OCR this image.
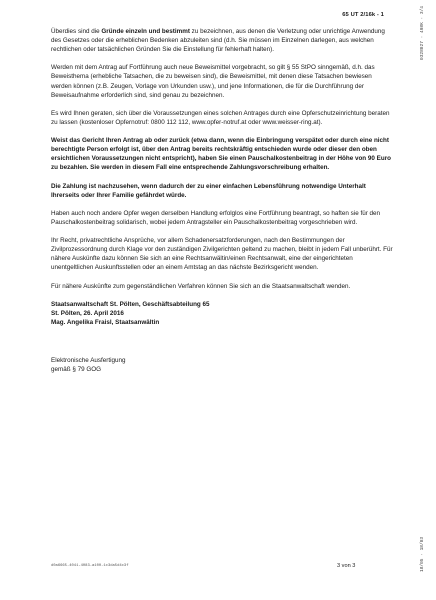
65 UT 2/16k - 1	0328027 · 498K · 3/4
18/05 · 18/03

Überdies sind die Gründe einzeln und bestimmt zu bezeichnen, aus denen die Verletzung oder unrichtige Anwendung des Gesetzes oder die erheblichen Bedenken abzuleiten sind (d.h. Sie müssen im Einzelnen darlegen, aus welchen rechtlichen oder tatsächlichen Gründen Sie die Einstellung für fehlerhaft halten).

Werden mit dem Antrag auf Fortführung auch neue Beweismittel vorgebracht, so gilt § 55 StPO sinngemäß, d.h. das Beweisthema (erhebliche Tatsachen, die zu beweisen sind), die Beweismittel, mit denen diese Tatsachen bewiesen werden können (z.B. Zeugen, Vorlage von Urkunden usw.), und jene Informationen, die für die Durchführung der Beweisaufnahme erforderlich sind, sind genau zu bezeichnen.

Es wird Ihnen geraten, sich über die Voraussetzungen eines solchen Antrages durch eine Opferschutzeinrichtung beraten zu lassen (kostenloser Opfernotruf: 0800 112 112, www.opfer-notruf.at oder www.weisser-ring.at).

Weist das Gericht Ihren Antrag ab oder zurück (etwa dann, wenn die Einbringung verspätet oder durch eine nicht berechtigte Person erfolgt ist, über den Antrag bereits rechtskräftig entschieden wurde oder dieser den oben ersichtlichen Voraussetzungen nicht entspricht), haben Sie einen Pauschalkostenbeitrag in der Höhe von 90 Euro zu bezahlen. Sie werden in diesem Fall eine entsprechende Zahlungsvorschreibung erhalten.

Die Zahlung ist nachzusehen, wenn dadurch der zu einer einfachen Lebensführung notwendige Unterhalt Ihrerseits oder Ihrer Familie gefährdet würde.

Haben auch noch andere Opfer wegen derselben Handlung erfolglos eine Fortführung beantragt, so haften sie für den Pauschalkostenbeitrag solidarisch, wobei jedem Antragsteller ein Pauschalkostenbeitrag vorgeschrieben wird.

Ihr Recht, privatrechtliche Ansprüche, vor allem Schadenersatzforderungen, nach den Bestimmungen der Zivilprozessordnung durch Klage vor den zuständigen Zivilgerichten geltend zu machen, bleibt in jedem Fall unberührt. Für nähere Auskünfte dazu können Sie sich an eine Rechtsanwältin/einen Rechtsanwalt, eine der eingerichteten unentgeltlichen Auskunftsstellen oder an einem Amtstag an das nächste Bezirksgericht wenden.

Für nähere Auskünfte zum gegenständlichen Verfahren können Sie sich an die Staatsanwaltschaft wenden.

Staatsanwaltschaft St. Pölten, Geschäftsabteilung 65
St. Pölten, 26. April 2016
Mag. Angelika Fraisl, Staatsanwältin
Elektronische Ausfertigung
gemäß § 79 GOG
d0a6665-4041-4083-a100-1c3da5d4c3f	3 von 3
